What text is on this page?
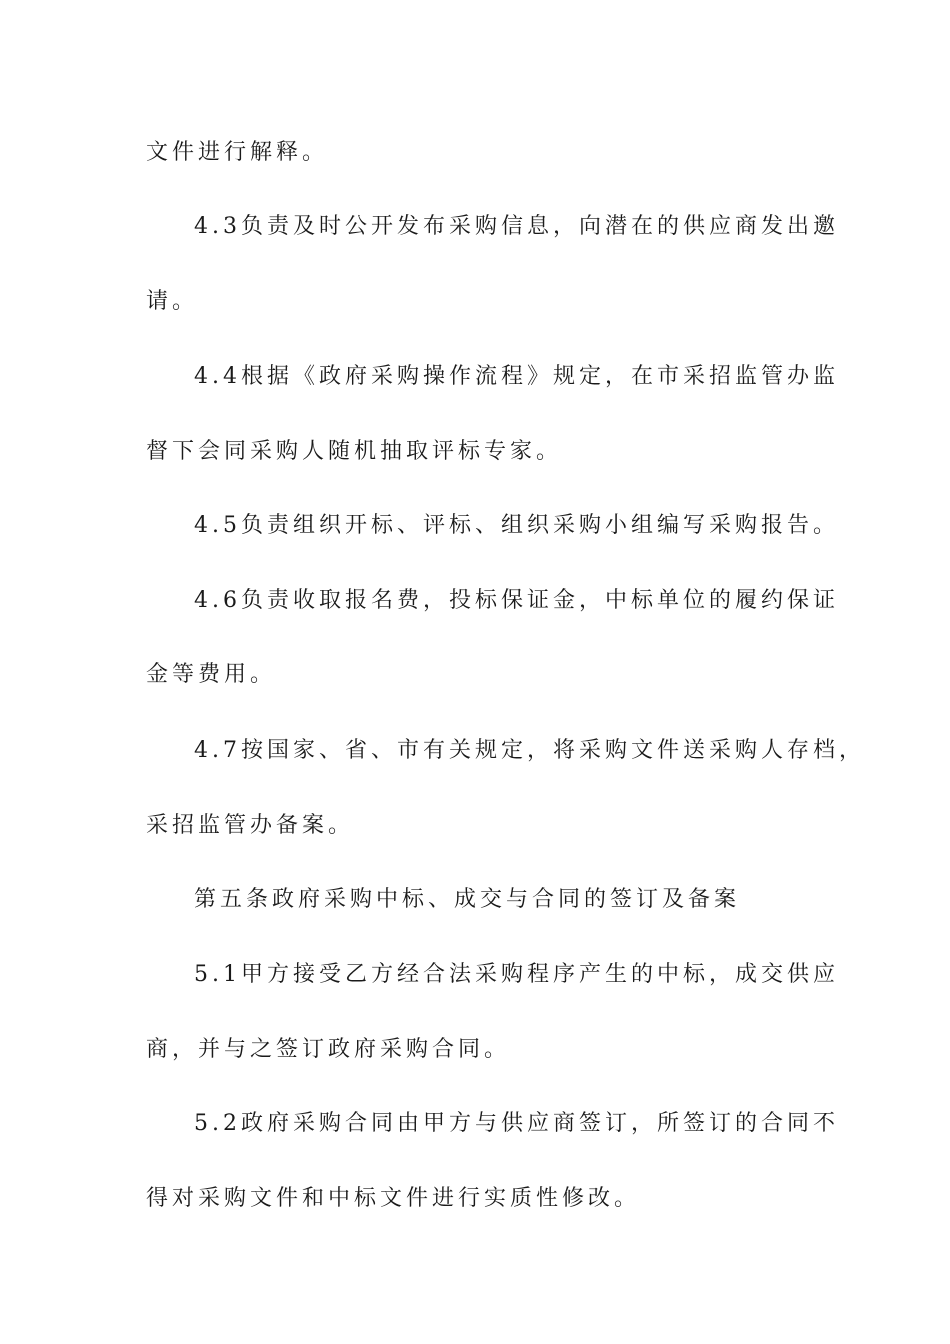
文件进行解释。
4.3负责及时公开发布采购信息，向潜在的供应商发出邀
请。
4.4根据《政府采购操作流程》规定，在市采招监管办监
督下会同采购人随机抽取评标专家。
4.5负责组织开标、评标、组织采购小组编写采购报告。
4.6负责收取报名费，投标保证金，中标单位的履约保证
金等费用。
4.7按国家、省、市有关规定，将采购文件送采购人存档，
采招监管办备案。
第五条政府采购中标、成交与合同的签订及备案
5.1甲方接受乙方经合法采购程序产生的中标，成交供应
商，并与之签订政府采购合同。
5.2政府采购合同由甲方与供应商签订，所签订的合同不
得对采购文件和中标文件进行实质性修改。
